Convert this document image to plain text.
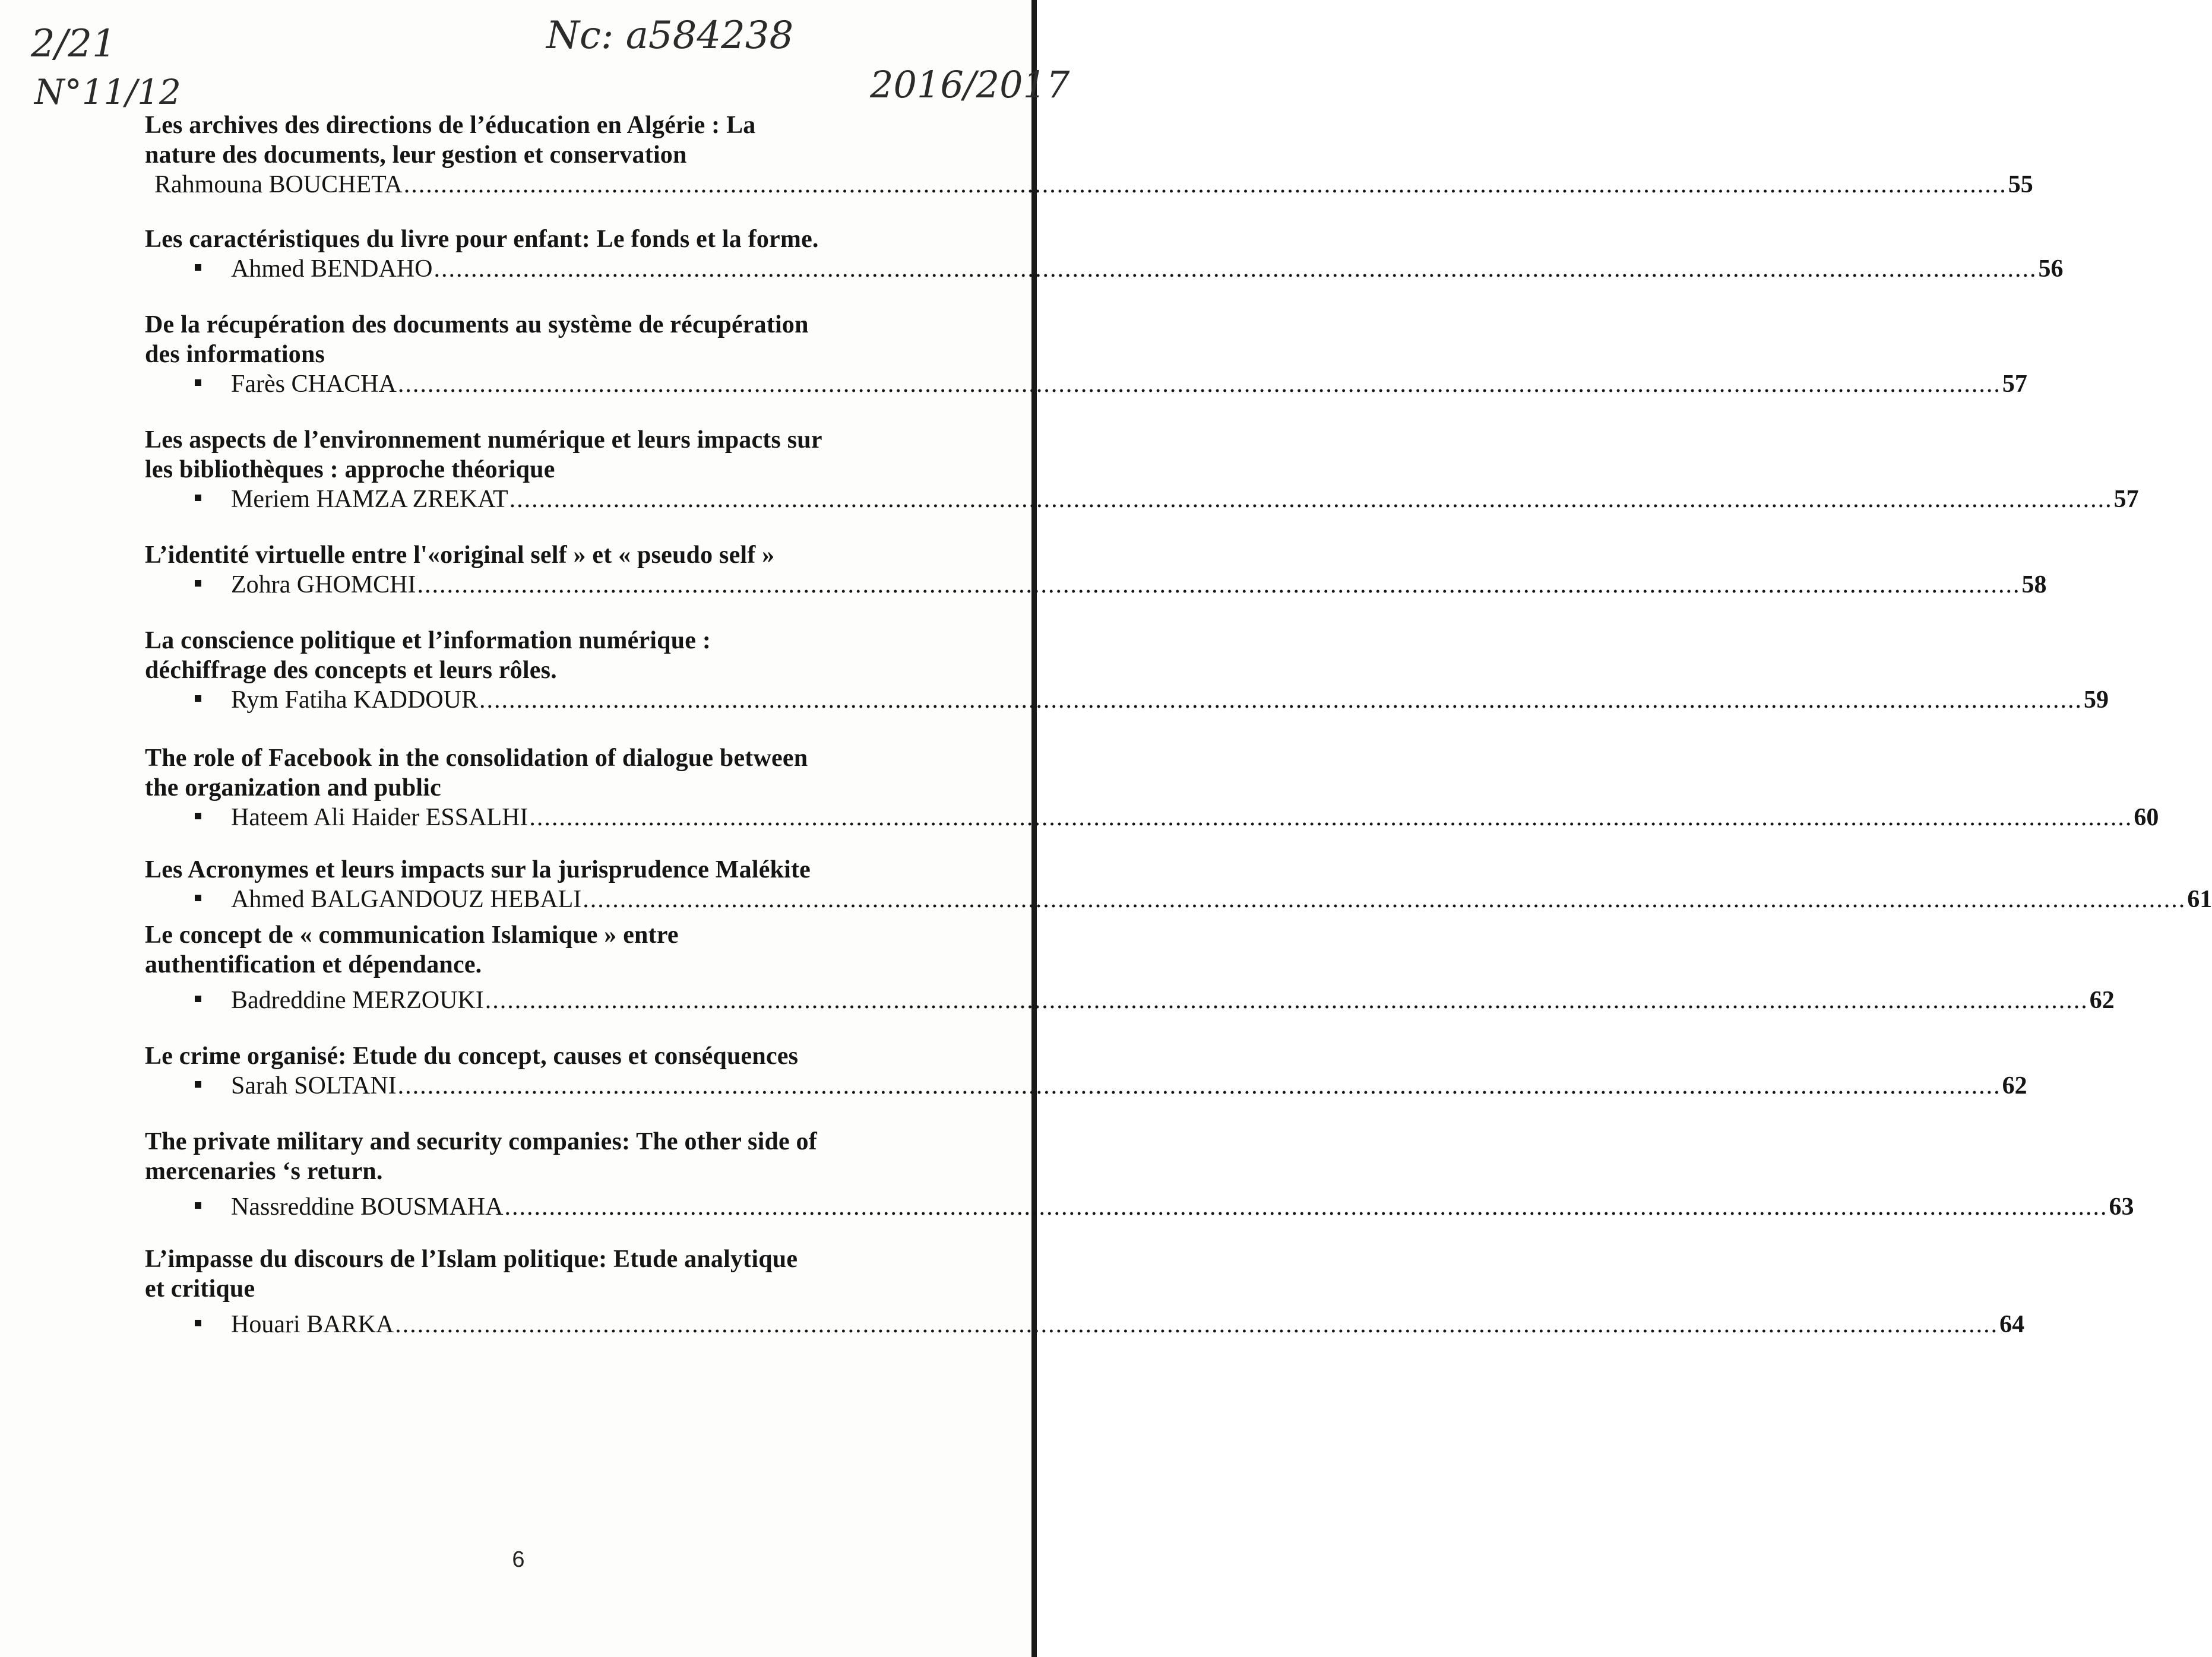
2/21
N°11/12
Nc: a584238
2016/2017
Les archives des directions de l’éducation en Algérie : La
nature des documents, leur gestion et conservation
Rahmouna BOUCHETA .....	55
Les caractéristiques du livre pour enfant: Le fonds et la forme.
Ahmed BENDAHO .....	56
De la récupération des documents au système de récupération
des informations
Farès CHACHA .....	57
Les aspects de l’environnement numérique et leurs impacts sur
les bibliothèques : approche théorique
Meriem HAMZA ZREKAT .....	57
L’identité virtuelle entre l'«original self » et « pseudo self »
Zohra GHOMCHI .....	58
La conscience politique et l’information numérique :
déchiffrage des concepts et leurs rôles.
Rym Fatiha KADDOUR .....	59
The role of Facebook in the consolidation of dialogue between
the organization and public
Hateem Ali Haider ESSALHI .....	60
Les Acronymes et leurs impacts sur la jurisprudence Malékite
Ahmed BALGANDOUZ HEBALI .....	61
Le concept de « communication Islamique » entre
authentification et dépendance.
Badreddine MERZOUKI .....	62
Le crime organisé: Etude du concept, causes et conséquences
Sarah SOLTANI .....	62
The private military and security companies: The other side of
mercenaries ‘s return.
Nassreddine BOUSMAHA .....	63
L’impasse du discours de l’Islam politique: Etude analytique
et critique
Houari BARKA .....	64
6
